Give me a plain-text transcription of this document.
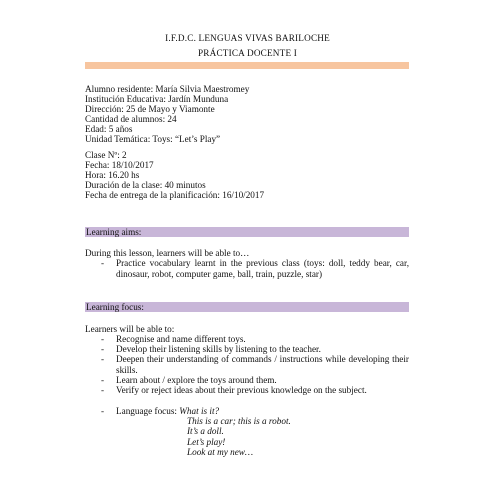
I.F.D.C. LENGUAS VIVAS BARILOCHE
PRÁCTICA DOCENTE I
Alumno residente: María Silvia Maestromey
Institución Educativa: Jardín Mundunа
Dirección: 25 de Mayo y Viamonte
Cantidad de alumnos: 24
Edad: 5 años
Unidad Temática: Toys: “Let’s Play”
Clase Nº: 2
Fecha: 18/10/2017
Hora: 16.20 hs
Duración de la clase: 40 minutos
Fecha de entrega de la planificación: 16/10/2017
Learning aims:
During this lesson, learners will be able to…
- Practice vocabulary learnt in the previous class (toys: doll, teddy bear, car, dinosaur, robot, computer game, ball, train, puzzle, star)
Learning focus:
Learners will be able to:
- Recognise and name different toys.
- Develop their listening skills by listening to the teacher.
- Deepen their understanding of commands / instructions while developing their skills.
- Learn about / explore the toys around them.
- Verify or reject ideas about their previous knowledge on the subject.
- Language focus: What is it?
This is a car; this is a robot.
It’s a doll.
Let’s play!
Look at my new…
